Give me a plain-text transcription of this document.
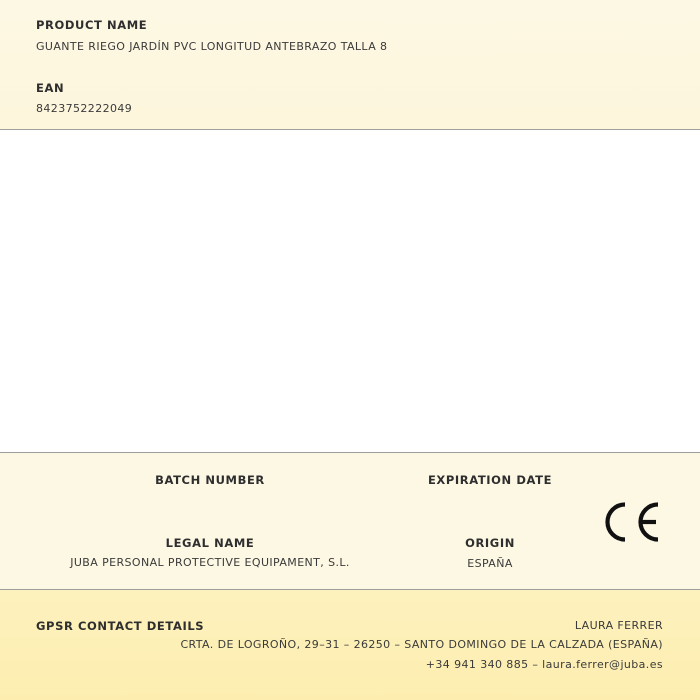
PRODUCT NAME
GUANTE RIEGO JARDÍN PVC LONGITUD ANTEBRAZO TALLA 8
EAN
8423752222049
BATCH NUMBER	EXPIRATION DATE
LEGAL NAME
JUBA PERSONAL PROTECTIVE EQUIPAMENT, S.L.
ORIGIN
ESPAÑA
GPSR CONTACT DETAILS	LAURA FERRER
CRTA. DE LOGROÑO, 29–31 – 26250 – SANTO DOMINGO DE LA CALZADA (ESPAÑA)
+34 941 340 885 – laura.ferrer@juba.es
